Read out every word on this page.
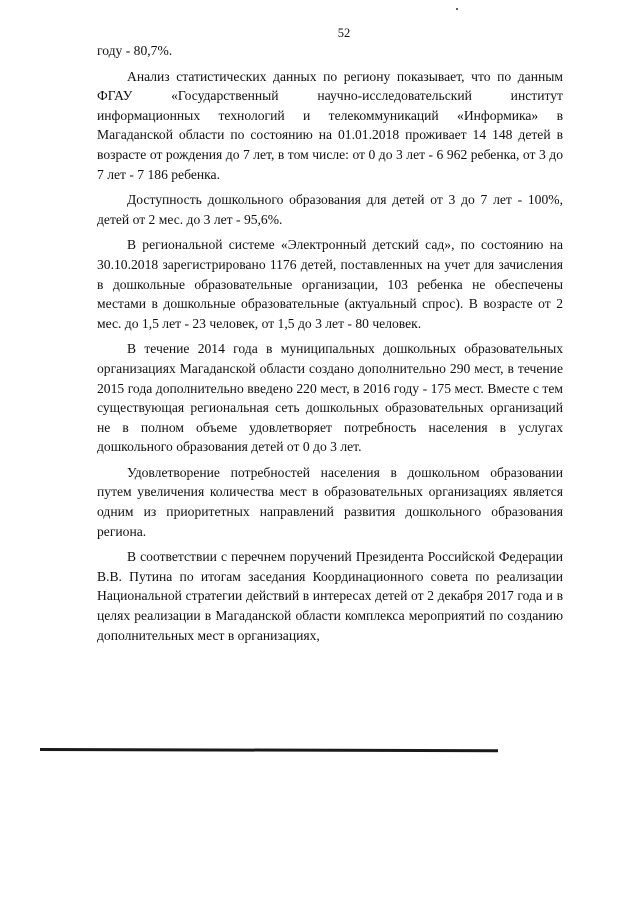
52

году - 80,7%.

Анализ статистических данных по региону показывает, что по данным ФГАУ «Государственный научно-исследовательский институт информационных технологий и телекоммуникаций «Информика» в Магаданской области по состоянию на 01.01.2018 проживает 14 148 детей в возрасте от рождения до 7 лет, в том числе: от 0 до 3 лет - 6 962 ребенка, от 3 до 7 лет - 7 186 ребенка.

Доступность дошкольного образования для детей от 3 до 7 лет - 100%, детей от 2 мес. до 3 лет - 95,6%.

В региональной системе «Электронный детский сад», по состоянию на 30.10.2018 зарегистрировано 1176 детей, поставленных на учет для зачисления в дошкольные образовательные организации, 103 ребенка не обеспечены местами в дошкольные образовательные (актуальный спрос). В возрасте от 2 мес. до 1,5 лет - 23 человек, от 1,5 до 3 лет - 80 человек.

В течение 2014 года в муниципальных дошкольных образовательных организациях Магаданской области создано дополнительно 290 мест, в течение 2015 года дополнительно введено 220 мест, в 2016 году - 175 мест. Вместе с тем существующая региональная сеть дошкольных образовательных организаций не в полном объеме удовлетворяет потребность населения в услугах дошкольного образования детей от 0 до 3 лет.

Удовлетворение потребностей населения в дошкольном образовании путем увеличения количества мест в образовательных организациях является одним из приоритетных направлений развития дошкольного образования региона.

В соответствии с перечнем поручений Президента Российской Федерации В.В. Путина по итогам заседания Координационного совета по реализации Национальной стратегии действий в интересах детей от 2 декабря 2017 года и в целях реализации в Магаданской области комплекса мероприятий по созданию дополнительных мест в организациях,
